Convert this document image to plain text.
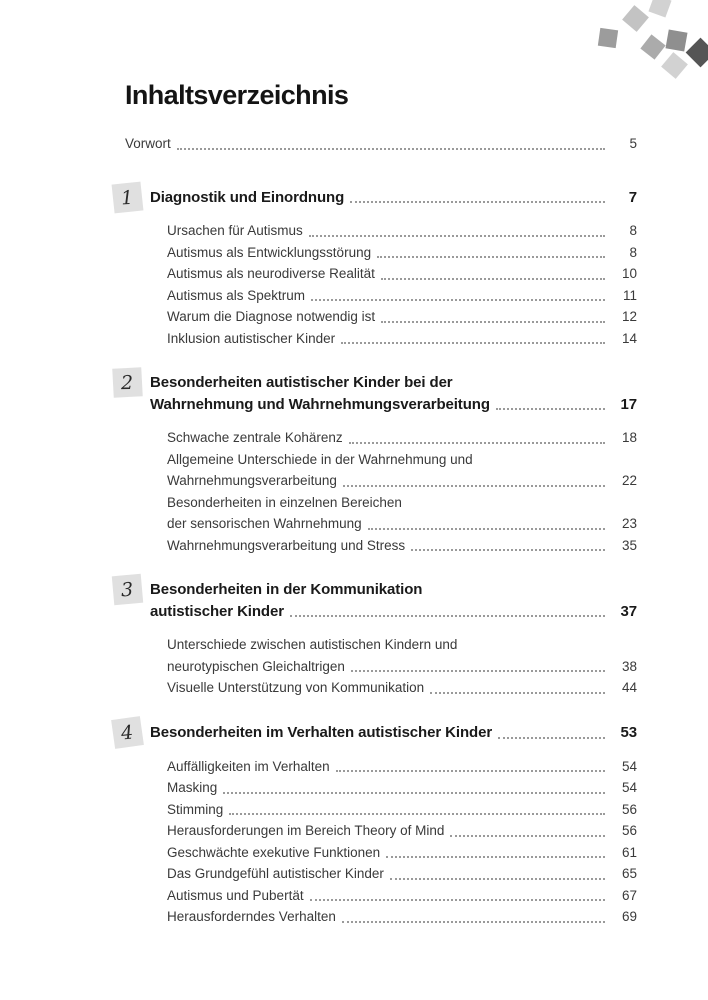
Inhaltsverzeichnis
Vorwort	5
1 Diagnostik und Einordnung	7
Ursachen für Autismus	8
Autismus als Entwicklungsstörung	8
Autismus als neurodiverse Realität	10
Autismus als Spektrum	11
Warum die Diagnose notwendig ist	12
Inklusion autistischer Kinder	14
2 Besonderheiten autistischer Kinder bei der
Wahrnehmung und Wahrnehmungsverarbeitung	17
Schwache zentrale Kohärenz	18
Allgemeine Unterschiede in der Wahrnehmung und
Wahrnehmungsverarbeitung	22
Besonderheiten in einzelnen Bereichen
der sensorischen Wahrnehmung	23
Wahrnehmungsverarbeitung und Stress	35
3 Besonderheiten in der Kommunikation
autistischer Kinder	37
Unterschiede zwischen autistischen Kindern und
neurotypischen Gleichaltrigen	38
Visuelle Unterstützung von Kommunikation	44
4 Besonderheiten im Verhalten autistischer Kinder	53
Auffälligkeiten im Verhalten	54
Masking	54
Stimming	56
Herausforderungen im Bereich Theory of Mind	56
Geschwächte exekutive Funktionen	61
Das Grundgefühl autistischer Kinder	65
Autismus und Pubertät	67
Herausforderndes Verhalten	69
